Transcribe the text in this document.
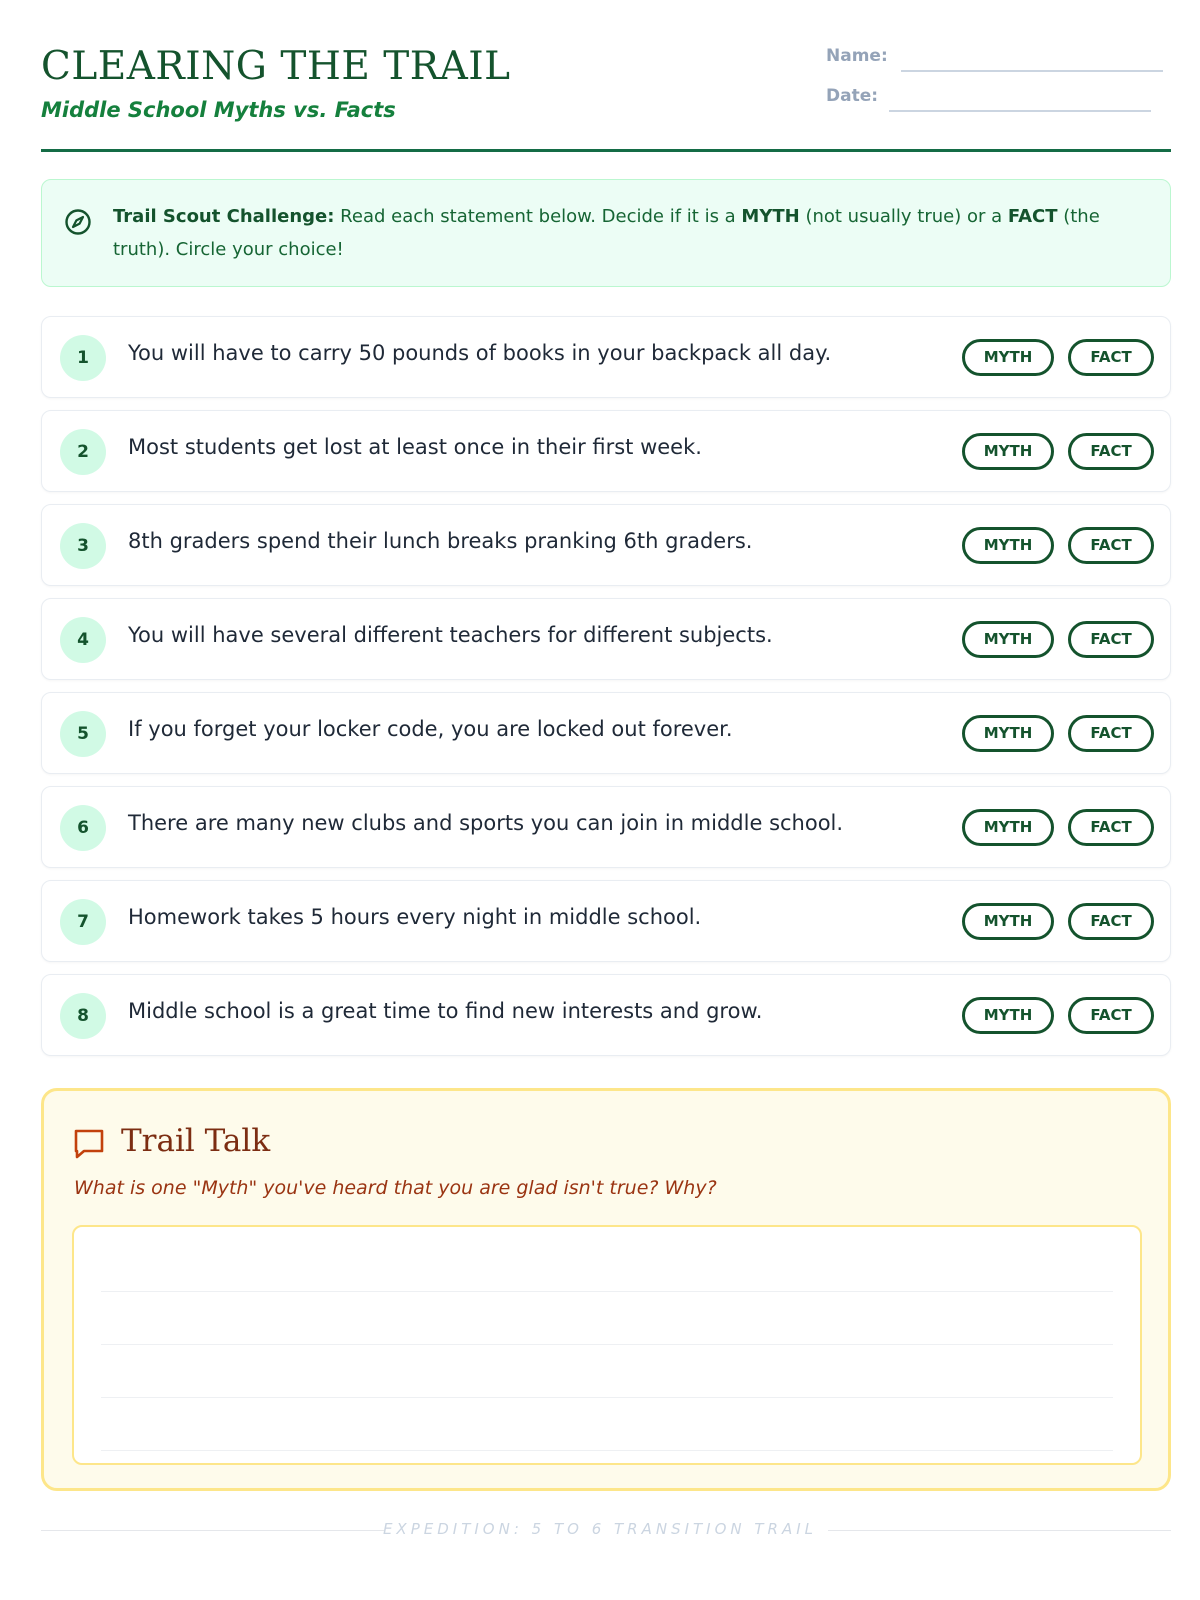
CLEARING THE TRAIL
Middle School Myths vs. Facts
Name:
Date:
Trail Scout Challenge: Read each statement below. Decide if it is a MYTH (not usually true) or a FACT (the truth). Circle your choice!
1	You will have to carry 50 pounds of books in your backpack all day.	MYTH	FACT
2	Most students get lost at least once in their first week.	MYTH	FACT
3	8th graders spend their lunch breaks pranking 6th graders.	MYTH	FACT
4	You will have several different teachers for different subjects.	MYTH	FACT
5	If you forget your locker code, you are locked out forever.	MYTH	FACT
6	There are many new clubs and sports you can join in middle school.	MYTH	FACT
7	Homework takes 5 hours every night in middle school.	MYTH	FACT
8	Middle school is a great time to find new interests and grow.	MYTH	FACT
Trail Talk
What is one "Myth" you've heard that you are glad isn't true? Why?
EXPEDITION: 5 TO 6 TRANSITION TRAIL
